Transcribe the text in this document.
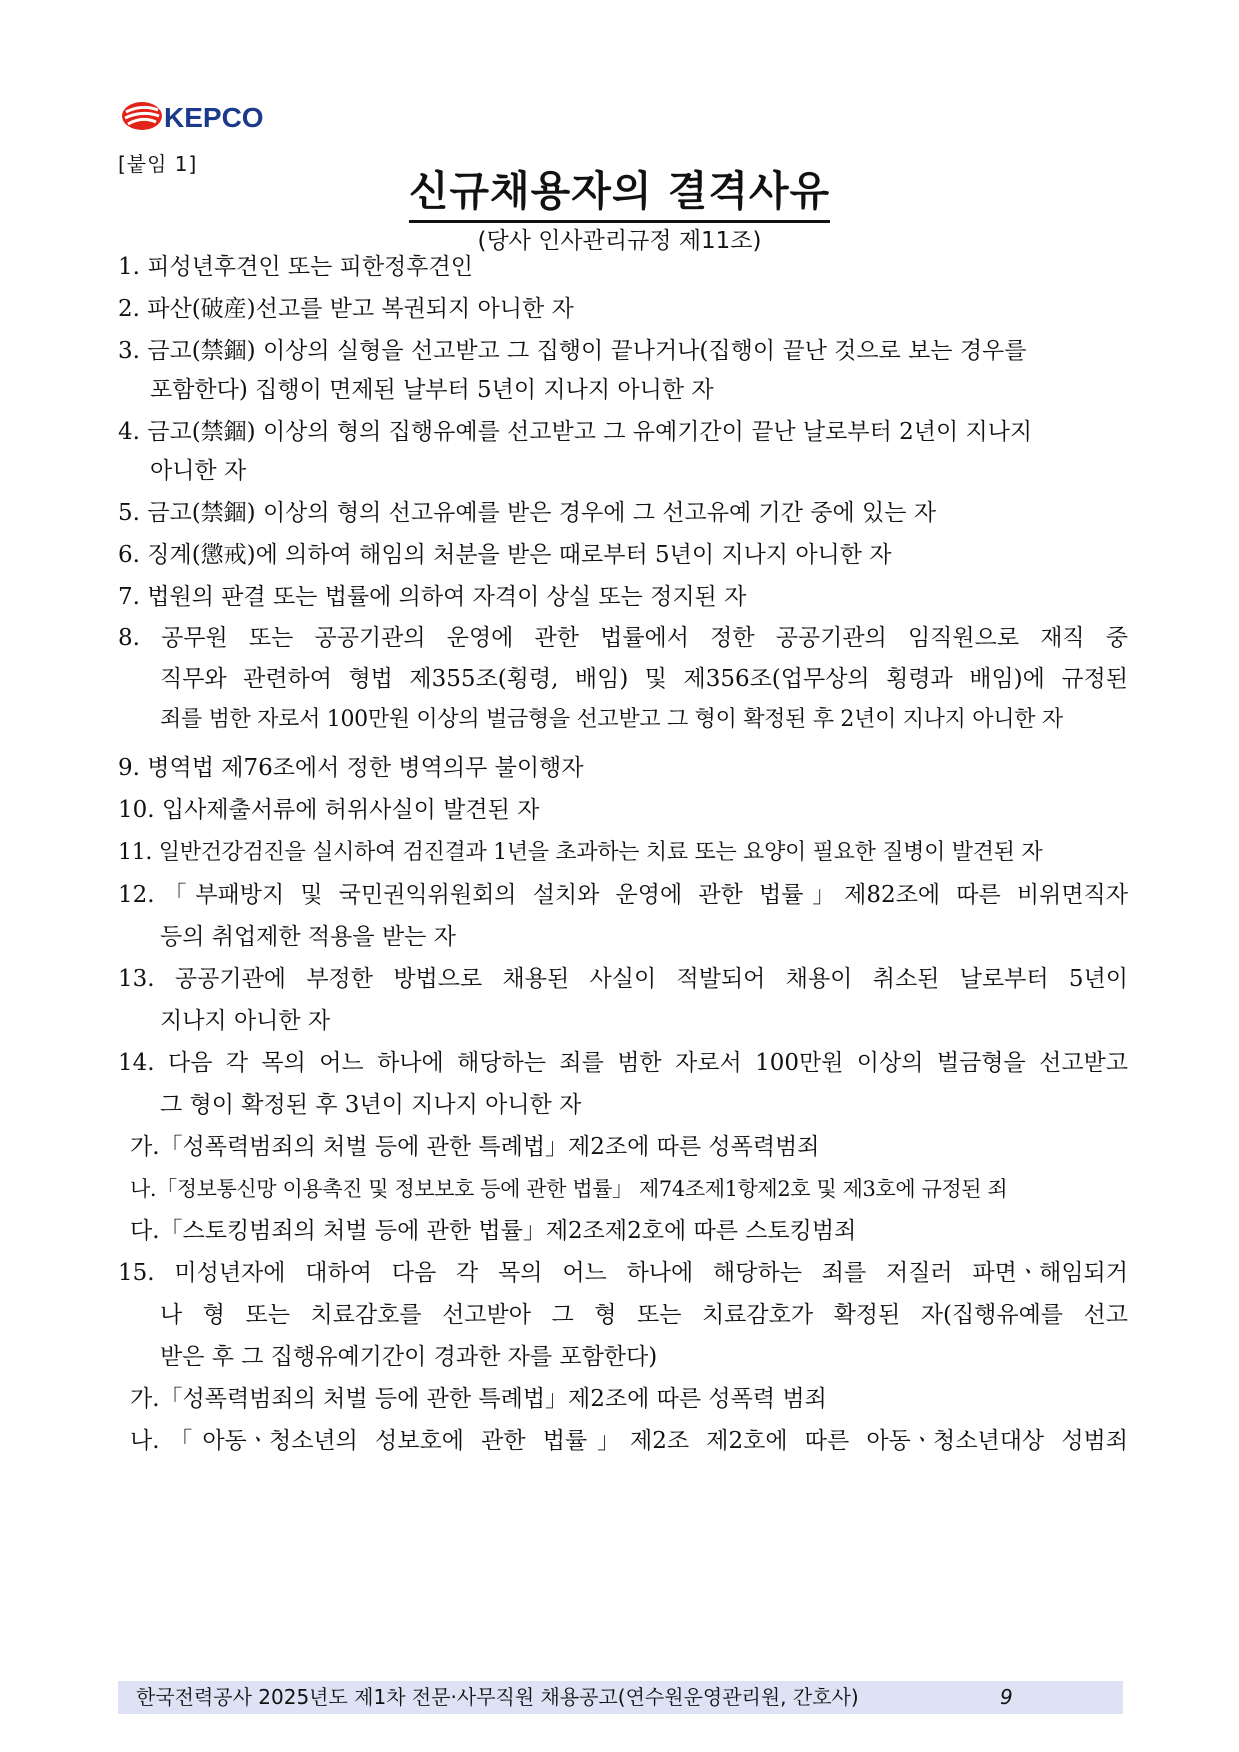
KEPCO
[붙임 1]
신규채용자의 결격사유
(당사 인사관리규정 제11조)
1. 피성년후견인 또는 피한정후견인
2. 파산(破産)선고를 받고 복권되지 아니한 자
3. 금고(禁錮) 이상의 실형을 선고받고 그 집행이 끝나거나(집행이 끝난 것으로 보는 경우를
포함한다) 집행이 면제된 날부터 5년이 지나지 아니한 자
4. 금고(禁錮) 이상의 형의 집행유예를 선고받고 그 유예기간이 끝난 날로부터 2년이 지나지
아니한 자
5. 금고(禁錮) 이상의 형의 선고유예를 받은 경우에 그 선고유예 기간 중에 있는 자
6. 징계(懲戒)에 의하여 해임의 처분을 받은 때로부터 5년이 지나지 아니한 자
7. 법원의 판결 또는 법률에 의하여 자격이 상실 또는 정지된 자
8. 공무원 또는 공공기관의 운영에 관한 법률에서 정한 공공기관의 임직원으로 재직 중
직무와 관련하여 형법 제355조(횡령, 배임) 및 제356조(업무상의 횡령과 배임)에 규정된
죄를 범한 자로서 100만원 이상의 벌금형을 선고받고 그 형이 확정된 후 2년이 지나지 아니한 자
9. 병역법 제76조에서 정한 병역의무 불이행자
10. 입사제출서류에 허위사실이 발견된 자
11. 일반건강검진을 실시하여 검진결과 1년을 초과하는 치료 또는 요양이 필요한 질병이 발견된 자
12.「부패방지 및 국민권익위원회의 설치와 운영에 관한 법률」제82조에 따른 비위면직자
등의 취업제한 적용을 받는 자
13. 공공기관에 부정한 방법으로 채용된 사실이 적발되어 채용이 취소된 날로부터 5년이
지나지 아니한 자
14. 다음 각 목의 어느 하나에 해당하는 죄를 범한 자로서 100만원 이상의 벌금형을 선고받고
그 형이 확정된 후 3년이 지나지 아니한 자
가.「성폭력범죄의 처벌 등에 관한 특례법」제2조에 따른 성폭력범죄
나.「정보통신망 이용촉진 및 정보보호 등에 관한 법률」 제74조제1항제2호 및 제3호에 규정된 죄
다.「스토킹범죄의 처벌 등에 관한 법률」제2조제2호에 따른 스토킹범죄
15. 미성년자에 대하여 다음 각 목의 어느 하나에 해당하는 죄를 저질러 파면ㆍ해임되거
나 형 또는 치료감호를 선고받아 그 형 또는 치료감호가 확정된 자(집행유예를 선고
받은 후 그 집행유예기간이 경과한 자를 포함한다)
가.「성폭력범죄의 처벌 등에 관한 특례법」제2조에 따른 성폭력 범죄
나.「아동ㆍ청소년의 성보호에 관한 법률」제2조 제2호에 따른 아동ㆍ청소년대상 성범죄
한국전력공사 2025년도 제1차 전문·사무직원 채용공고(연수원운영관리원, 간호사)	9
